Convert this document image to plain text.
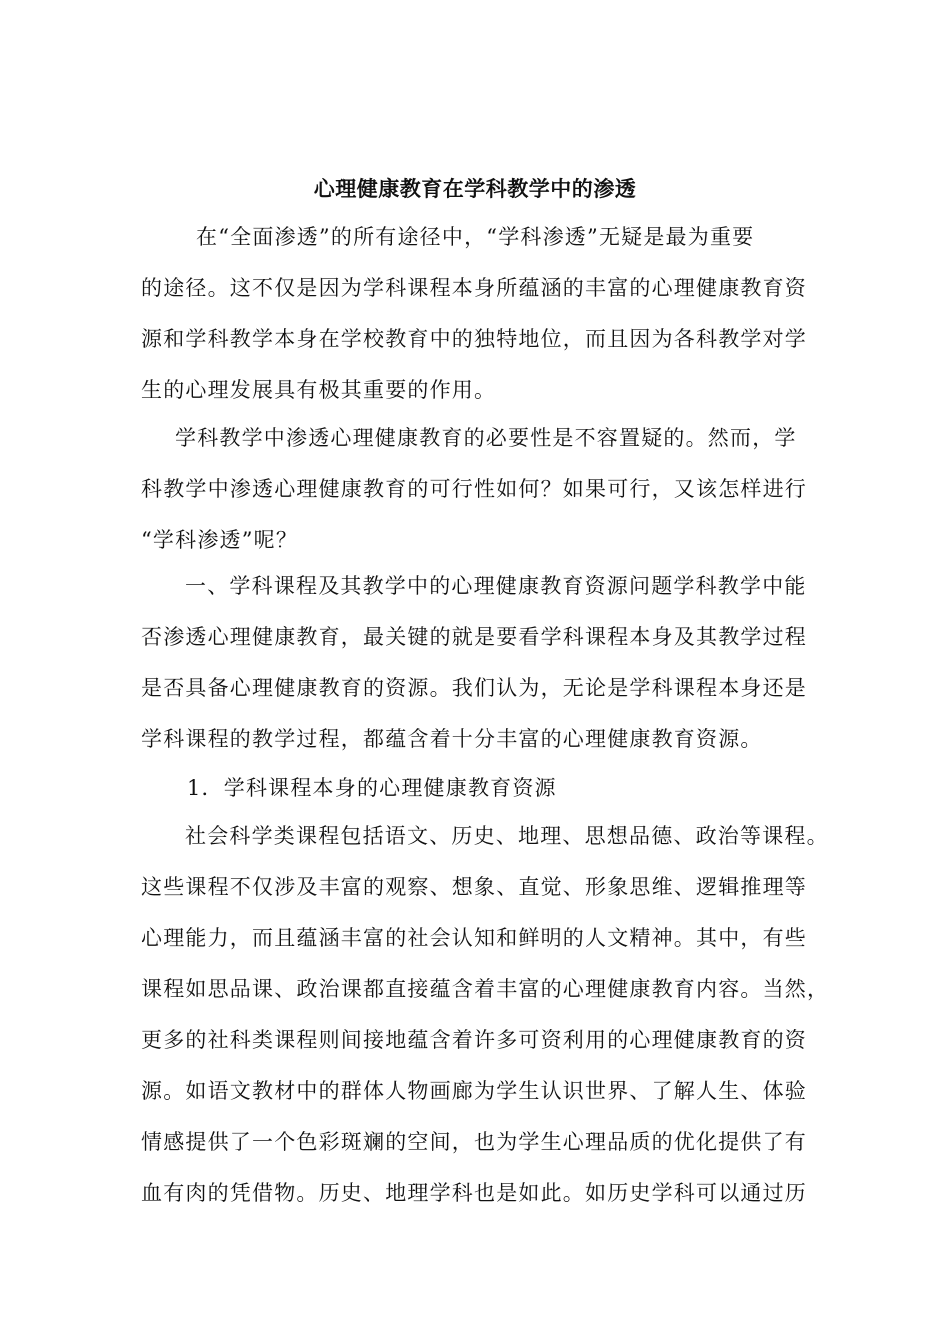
心理健康教育在学科教学中的渗透
在“全面渗透”的所有途径中，“学科渗透”无疑是最为重要
的途径。这不仅是因为学科课程本身所蕴涵的丰富的心理健康教育资
源和学科教学本身在学校教育中的独特地位，而且因为各科教学对学
生的心理发展具有极其重要的作用。
学科教学中渗透心理健康教育的必要性是不容置疑的。然而，学
科教学中渗透心理健康教育的可行性如何？如果可行，又该怎样进行
“学科渗透”呢？
一、学科课程及其教学中的心理健康教育资源问题学科教学中能
否渗透心理健康教育，最关键的就是要看学科课程本身及其教学过程
是否具备心理健康教育的资源。我们认为，无论是学科课程本身还是
学科课程的教学过程，都蕴含着十分丰富的心理健康教育资源。
1．学科课程本身的心理健康教育资源
社会科学类课程包括语文、历史、地理、思想品德、政治等课程。
这些课程不仅涉及丰富的观察、想象、直觉、形象思维、逻辑推理等
心理能力，而且蕴涵丰富的社会认知和鲜明的人文精神。其中，有些
课程如思品课、政治课都直接蕴含着丰富的心理健康教育内容。当然，
更多的社科类课程则间接地蕴含着许多可资利用的心理健康教育的资
源。如语文教材中的群体人物画廊为学生认识世界、了解人生、体验
情感提供了一个色彩斑斓的空间，也为学生心理品质的优化提供了有
血有肉的凭借物。历史、地理学科也是如此。如历史学科可以通过历
